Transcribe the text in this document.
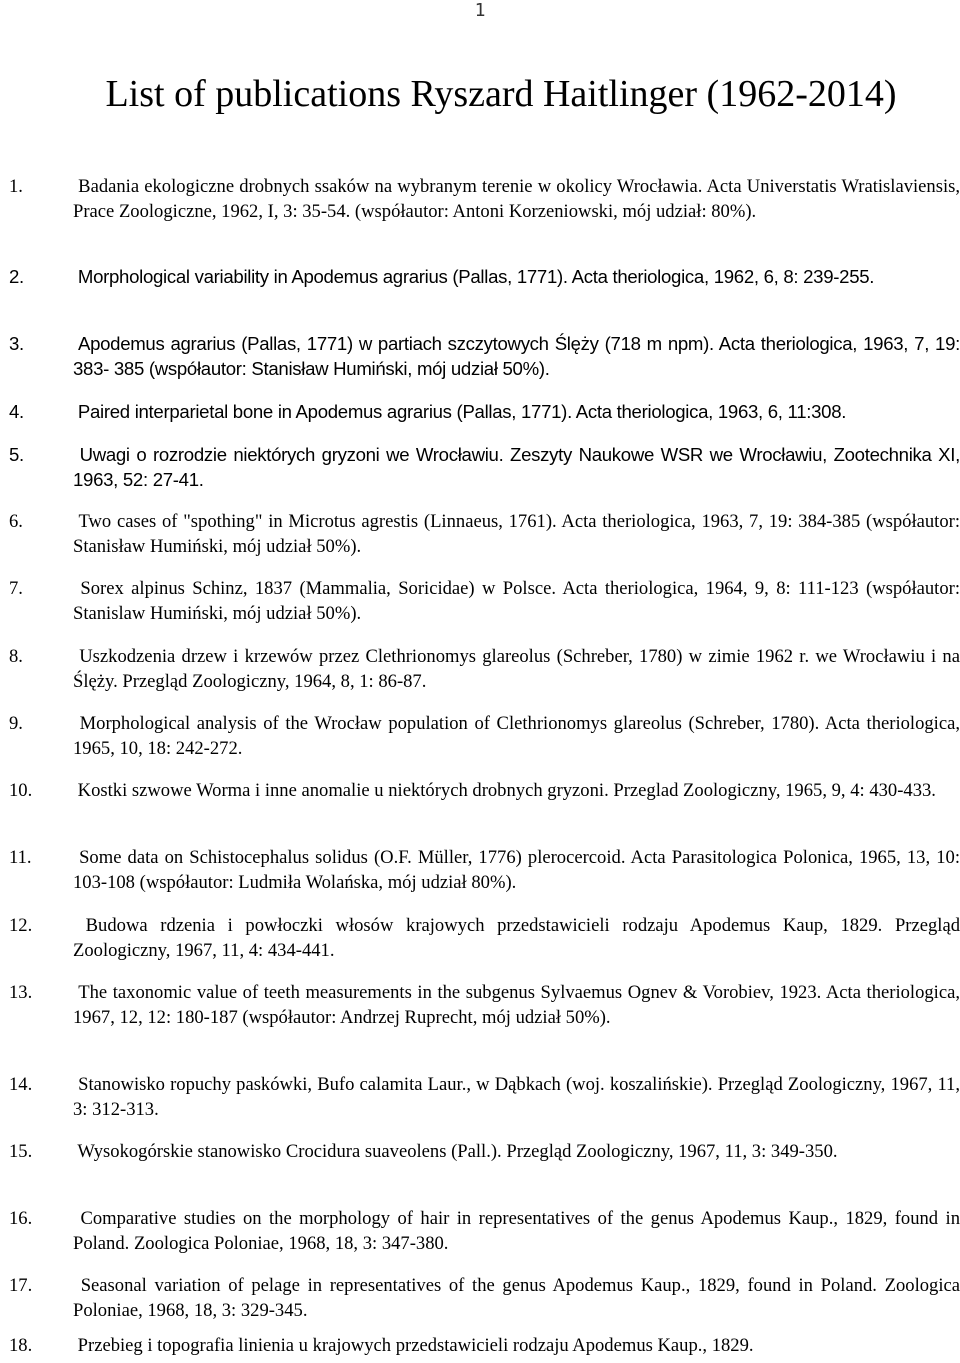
1
List of publications Ryszard Haitlinger (1962-2014)
1.	Badania ekologiczne drobnych ssaków na wybranym terenie w okolicy Wrocławia. Acta Universtatis Wratislaviensis, Prace Zoologiczne, 1962, I, 3: 35-54. (współautor: Antoni Korzeniowski, mój udział: 80%).
2.	Morphological variability in Apodemus agrarius (Pallas, 1771). Acta theriologica, 1962, 6, 8: 239-255.
3.	Apodemus agrarius (Pallas, 1771) w partiach szczytowych Ślęży (718 m npm). Acta theriologica, 1963, 7, 19: 383- 385 (współautor: Stanisław Humiński, mój udział 50%).
4.	Paired interparietal bone in Apodemus agrarius (Pallas, 1771). Acta theriologica, 1963, 6, 11:308.
5.	Uwagi o rozrodzie niektórych gryzoni we Wrocławiu. Zeszyty Naukowe WSR we Wrocławiu, Zootechnika XI, 1963, 52: 27-41.
6.	Two cases of "spothing" in Microtus agrestis (Linnaeus, 1761). Acta theriologica, 1963, 7, 19: 384-385 (współautor: Stanisław Humiński, mój udział 50%).
7.	Sorex alpinus Schinz, 1837 (Mammalia, Soricidae) w Polsce. Acta theriologica, 1964, 9, 8: 111-123 (współautor: Stanislaw Humiński, mój udział 50%).
8.	Uszkodzenia drzew i krzewów przez Clethrionomys glareolus (Schreber, 1780) w zimie 1962 r. we Wrocławiu i na Ślęży. Przegląd Zoologiczny, 1964, 8, 1: 86-87.
9.	Morphological analysis of the Wrocław population of Clethrionomys glareolus (Schreber, 1780). Acta theriologica, 1965, 10, 18: 242-272.
10. Kostki szwowe Worma i inne anomalie u niektórych drobnych gryzoni. Przeglad Zoologiczny, 1965, 9, 4: 430-433.
11.	Some data on Schistocephalus solidus (O.F. Müller, 1776) plerocercoid. Acta Parasitologica Polonica, 1965, 13, 10: 103-108 (współautor: Ludmiła Wolańska, mój udział 80%).
12.	Budowa rdzenia i powłoczki włosów krajowych przedstawicieli rodzaju Apodemus Kaup, 1829. Przegląd Zoologiczny, 1967, 11, 4: 434-441.
13. The taxonomic value of teeth measurements in the subgenus Sylvaemus Ognev & Vorobiev, 1923. Acta theriologica, 1967, 12, 12: 180-187 (współautor: Andrzej Ruprecht, mój udział 50%).
14. Stanowisko ropuchy paskówki, Bufo calamita Laur., w Dąbkach (woj. koszalińskie). Przegląd Zoologiczny, 1967, 11, 3: 312-313.
15. Wysokogórskie stanowisko Crocidura suaveolens (Pall.). Przegląd Zoologiczny, 1967, 11, 3: 349-350.
16.	Comparative studies on the morphology of hair in representatives of the genus Apodemus Kaup., 1829, found in Poland. Zoologica Poloniae, 1968, 18, 3: 347-380.
17.	Seasonal variation of pelage in representatives of the genus Apodemus Kaup., 1829, found in Poland. Zoologica Poloniae, 1968, 18, 3: 329-345.
18. Przebieg i topografia linienia u krajowych przedstawicieli rodzaju Apodemus Kaup., 1829.
